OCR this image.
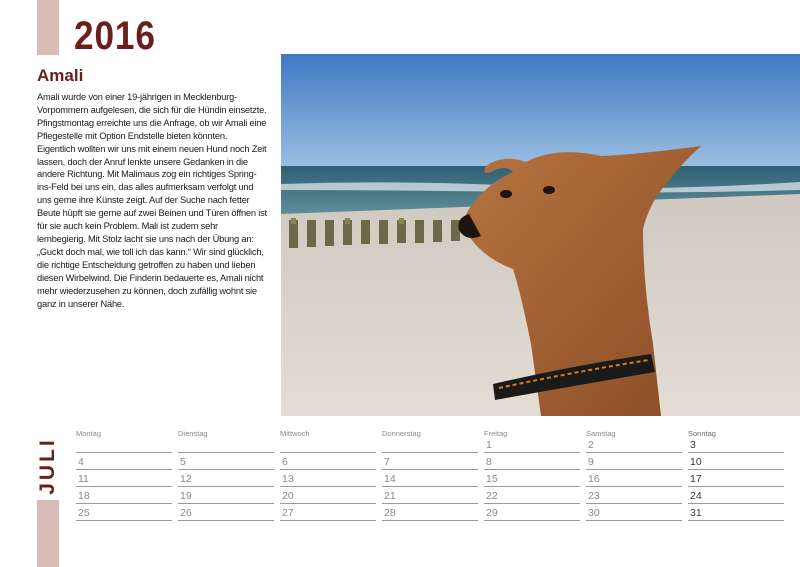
2016
Amali

Amali wurde von einer 19-jährigen in Mecklenburg-Vorpommern aufgelesen, die sich für die Hündin einsetzte. Pfingstmontag erreichte uns die Anfrage, ob wir Amali eine Pflegestelle mit Option Endstelle bieten könnten. Eigentlich wollten wir uns mit einem neuen Hund noch Zeit lassen, doch der Anruf lenkte unsere Gedanken in die andere Richtung. Mit Malimaus zog ein richtiges Spring-ins-Feld bei uns ein, das alles aufmerksam verfolgt und uns gerne ihre Künste zeigt. Auf der Suche nach fetter Beute hüpft sie gerne auf zwei Beinen und Türen öffnen ist für sie auch kein Problem. Mali ist zudem sehr lernbegierig. Mit Stolz lacht sie uns nach der Übung an: „Guckt doch mal, wie toll ich das kann.“ Wir sind glücklich, die richtige Entscheidung getroffen zu haben und lieben diesen Wirbelwind. Die Finderin bedauerte es, Amali nicht mehr wiederzusehen zu können, doch zufällig wohnt sie ganz in unserer Nähe.

JULI
Montag
4
11
18
25
Dienstag
5
12
19
26
Mittwoch
6
13
20
27
Donnerstag
7
14
21
28
Freitag
1
8
15
22
29
Samstag
2
9
16
23
30
Sonntag
3
10
17
24
31
